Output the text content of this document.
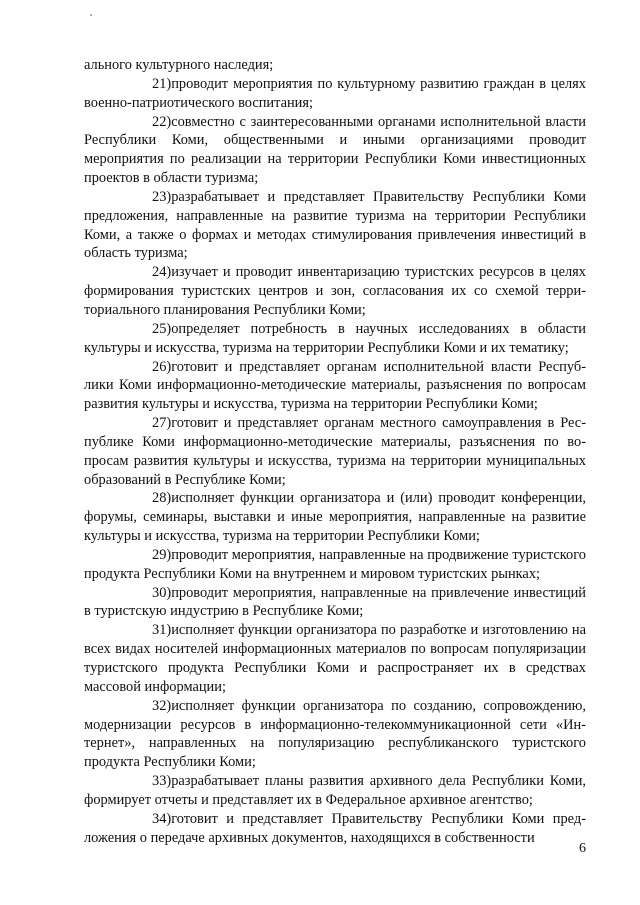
ального культурного наследия;

21)проводит мероприятия по культурному развитию граждан в целях военно-патриотического воспитания;

22)совместно с заинтересованными органами исполнительной власти Республики Коми, общественными и иными организациями проводит мероприятия по реализации на территории Республики Коми инвестиционных проектов в области туризма;

23)разрабатывает и представляет Правительству Республики Коми предложения, направленные на развитие туризма на территории Республики Коми, а также о формах и методах стимулирования привлечения инвестиций в область туризма;

24)изучает и проводит инвентаризацию туристских ресурсов в целях формирования туристских центров и зон, согласования их со схемой территориального планирования Республики Коми;

25)определяет потребность в научных исследованиях в области культуры и искусства, туризма на территории Республики Коми и их тематику;

26)готовит и представляет органам исполнительной власти Республики Коми информационно-методические материалы, разъяснения по вопросам развития культуры и искусства, туризма на территории Республики Коми;

27)готовит и представляет органам местного самоуправления в Республике Коми информационно-методические материалы, разъяснения по вопросам развития культуры и искусства, туризма на территории муниципальных образований в Республике Коми;

28)исполняет функции организатора и (или) проводит конференции, форумы, семинары, выставки и иные мероприятия, направленные на развитие культуры и искусства, туризма на территории Республики Коми;

29)проводит мероприятия, направленные на продвижение туристского продукта Республики Коми на внутреннем и мировом туристских рынках;

30)проводит мероприятия, направленные на привлечение инвестиций в туристскую индустрию в Республике Коми;

31)исполняет функции организатора по разработке и изготовлению на всех видах носителей информационных материалов по вопросам популяризации туристского продукта Республики Коми и распространяет их в средствах массовой информации;

32)исполняет функции организатора по созданию, сопровождению, модернизации ресурсов в информационно-телекоммуникационной сети «Интернет», направленных на популяризацию республиканского туристского продукта Республики Коми;

33)разрабатывает планы развития архивного дела Республики Коми, формирует отчеты и представляет их в Федеральное архивное агентство;

34)готовит и представляет Правительству Республики Коми предложения о передаче архивных документов, находящихся в собственности

6
